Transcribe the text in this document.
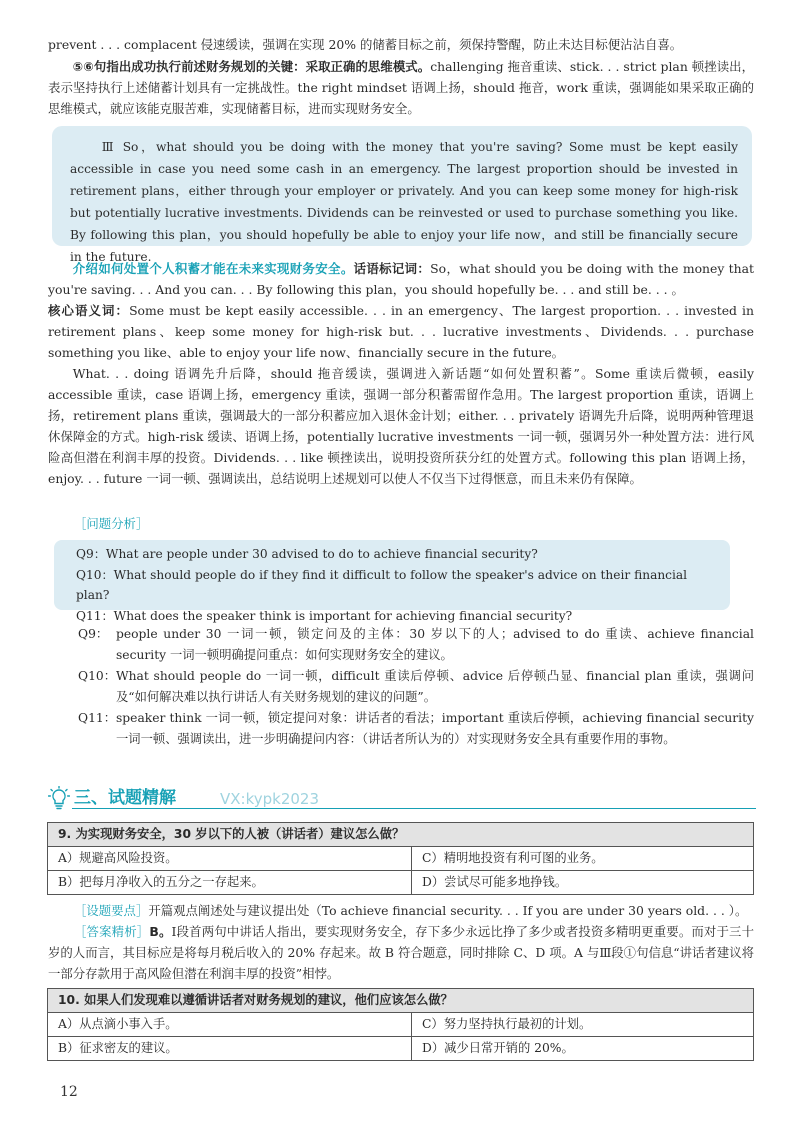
prevent . . . complacent 侵速缓读，强调在实现 20% 的储蓄目标之前，须保持警醒，防止未达目标便沾沾自喜。
⑤⑥句指出成功执行前述财务规划的关键：采取正确的思维模式。challenging 拖音重读、stick. . . strict plan 顿挫读出，表示坚持执行上述储蓄计划具有一定挑战性。the right mindset 语调上扬，should 拖音，work 重读，强调能如果采取正确的思维模式，就应该能克服苦难，实现储蓄目标，进而实现财务安全。
Ⅲ So，what should you be doing with the money that you're saving? Some must be kept easily accessible in case you need some cash in an emergency. The largest proportion should be invested in retirement plans，either through your employer or privately. And you can keep some money for high-risk but potentially lucrative investments. Dividends can be reinvested or used to purchase something you like. By following this plan，you should hopefully be able to enjoy your life now，and still be financially secure in the future.
介绍如何处置个人积蓄才能在未来实现财务安全。话语标记词：So，what should you be doing with the money that you're saving. . . And you can. . . By following this plan，you should hopefully be. . . and still be. . . 。
核心语义词：Some must be kept easily accessible. . . in an emergency、The largest proportion. . . invested in retirement plans、keep some money for high-risk but. . . lucrative investments、Dividends. . . purchase something you like、able to enjoy your life now、financially secure in the future。
What. . . doing 语调先升后降，should 拖音缓读，强调进入新话题“如何处置积蓄”。Some 重读后微顿，easily accessible 重读，case 语调上扬，emergency 重读，强调一部分积蓄需留作急用。The largest proportion 重读，语调上扬，retirement plans 重读，强调最大的一部分积蓄应加入退休金计划；either. . . privately 语调先升后降，说明两种管理退休保障金的方式。high-risk 缓读、语调上扬，potentially lucrative investments 一词一顿，强调另外一种处置方法：进行风险高但潜在利润丰厚的投资。Dividends. . . like 顿挫读出，说明投资所获分红的处置方式。following this plan 语调上扬，enjoy. . . future 一词一顿、强调读出，总结说明上述规划可以使人不仅当下过得惬意，而且未来仍有保障。
［问题分析］
Q9：What are people under 30 advised to do to achieve financial security?
Q10：What should people do if they find it difficult to follow the speaker's advice on their financial plan?
Q11：What does the speaker think is important for achieving financial security?
Q9： people under 30 一词一顿，锁定问及的主体：30 岁以下的人；advised to do 重读、achieve financial security 一词一顿明确提问重点：如何实现财务安全的建议。
Q10： What should people do 一词一顿，difficult 重读后停顿、advice 后停顿凸显、financial plan 重读，强调问及“如何解决难以执行讲话人有关财务规划的建议的问题”。
Q11： speaker think 一词一顿，锁定提问对象：讲话者的看法；important 重读后停顿，achieving financial security 一词一顿、强调读出，进一步明确提问内容：（讲话者所认为的）对实现财务安全具有重要作用的事物。
三、试题精解	VX:kypk2023
9. 为实现财务安全，30 岁以下的人被（讲话者）建议怎么做？	
A）规避高风险投资。	C）精明地投资有利可图的业务。
B）把每月净收入的五分之一存起来。	D）尝试尽可能多地挣钱。
［设题要点］开篇观点阐述处与建议提出处（To achieve financial security. . . If you are under 30 years old. . . ）。
［答案精析］B。Ⅰ段首两句中讲话人指出，要实现财务安全，存下多少永远比挣了多少或者投资多精明更重要。而对于三十岁的人而言，其目标应是将每月税后收入的 20% 存起来。故 B 符合题意，同时排除 C、D 项。A 与Ⅲ段①句信息“讲话者建议将一部分存款用于高风险但潜在利润丰厚的投资”相悖。
10. 如果人们发现难以遵循讲话者对财务规划的建议，他们应该怎么做？	
A）从点滴小事入手。	C）努力坚持执行最初的计划。
B）征求密友的建议。	D）减少日常开销的 20%。
12
